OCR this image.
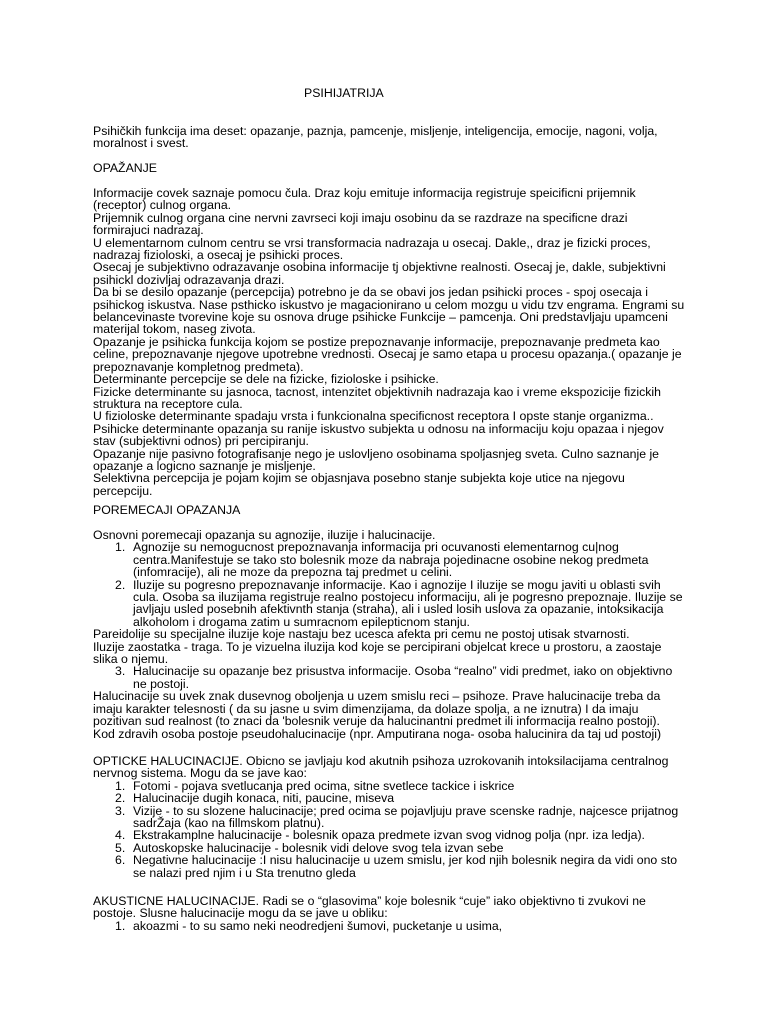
PSIHIJATRIJA

Psihičkih funkcija ima deset: opazanje, paznja, pamcenje, misljenje, inteligencija, emocije, nagoni, volja, moralnost i svest.

OPAŽANJE

Informacije covek saznaje pomocu čula. Draz koju emituje informacija registruje speicificni prijemnik (receptor) culnog organa.

Prijemnik culnog organa cine nervni zavrseci koji imaju osobinu da se razdraze na specificne drazi formirajuci nadrazaj.

U elementarnom culnom centru se vrsi transformacia nadrazaja u osecaj. Dakle,, draz je fizicki proces, nadrazaj fizioloski, a osecaj je psihicki proces.

Osecaj je subjektivno odrazavanje osobina informacije tj objektivne realnosti. Osecaj je, dakle, subjektivni psihickl dozivljaj odrazavanja drazi.

Da bi se desilo opazanje (percepcija) potrebno je da se obavi jos jedan psihicki proces - spoj osecaja i psihickog iskustva. Nase psthicko iskustvo je magacionirano u celom mozgu u vidu tzv engrama. Engrami su belancevinaste tvorevine koje su osnova druge psihicke Funkcije – pamcenja. Oni predstavljaju upamceni materijal tokom, naseg zivota.

Opazanje je psihicka funkcija kojom se postize prepoznavanje informacije, prepoznavanje predmeta kao celine, prepoznavanje njegove upotrebne vrednosti. Osecaj je samo etapa u procesu opazanja.( opazanje je prepoznavanje kompletnog predmeta).

Determinante percepcije se dele na fizicke, fizioloske i psihicke.

Fizicke determinante su jasnoca, tacnost, intenzitet objektivnih nadrazaja kao i vreme ekspozicije fizickih struktura na receptore cula.

U fizioloske determinante spadaju vrsta i funkcionalna specificnost receptora I opste stanje organizma..

Psihicke determinante opazanja su ranije iskustvo subjekta u odnosu na informaciju koju opazaa i njegov stav (subjektivni odnos) pri percipiranju.

Opazanje nije pasivno fotografisanje nego je uslovljeno osobinama spoljasnjeg sveta. Culno saznanje je opazanje a logicno saznanje je misljenje.

Selektivna percepcija je pojam kojim se objasnjava posebno stanje subjekta koje utice na njegovu percepciju.

POREMECAJI OPAZANJA

Osnovni poremecaji opazanja su agnozije, iluzije i halucinacije.

1. Agnozije su nemogucnost prepoznavanja informacija pri ocuvanosti elementarnog cu|nog centra.Manifestuje se tako sto bolesnik moze da nabraja pojedinacne osobine nekog predmeta (infomracije), ali ne moze da prepozna taj predmet u celini.
2. Iluzije su pogresno prepoznavanje informacije. Kao i agnozije I iluzije se mogu javiti u oblasti svih cula. Osoba sa iluzijama registruje realno postojecu informaciju, ali je pogresno prepoznaje. Iluzije se javljaju usled posebnih afektivnth stanja (straha), ali i usled losih uslova za opazanie, intoksikacija alkoholom i drogama zatim u sumracnom epilepticnom stanju.

Pareidolije su specijalne iluzije koje nastaju bez ucesca afekta pri cemu ne postoj utisak stvarnosti.

Iluzije zaostatka - traga. To je vizuelna iluzija kod koje se percipirani objelcat krece u prostoru, a zaostaje slika o njemu.

3. Halucinacije su opazanje bez prisustva informacije. Osoba “realno” vidi predmet, iako on objektivno ne postoji.

Halucinacije su uvek znak dusevnog oboljenja u uzem smislu reci – psihoze. Prave halucinacije treba da imaju karakter telesnosti ( da su jasne u svim dimenzijama, da dolaze spolja, a ne iznutra) I da imaju pozitivan sud realnost (to znaci da 'bolesnik veruje da halucinantni predmet ili informacija realno postoji). Kod zdravih osoba postoje pseudohalucinacije (npr. Amputirana noga- osoba halucinira da taj ud postoji)

OPTICKE HALUCINACIJE. Obicno se javljaju kod akutnih psihoza uzrokovanih intoksilacijama centralnog nervnog sistema. Mogu da se jave kao:

1. Fotomi - pojava svetlucanja pred ocima, sitne svetlece tackice i iskrice
2. Halucinacije dugih konaca, niti, paucine, miseva
3. Vizije - to su slozene halucinacije; pred ocima se pojavljuju prave scenske radnje, najcesce prijatnog sadrŽaja (kao na fillmskom platnu).
4. Ekstrakamplne halucinacije - bolesnik opaza predmete izvan svog vidnog polja (npr. iza ledja).
5. Autoskopske halucinacije - bolesnik vidi delove svog tela izvan sebe
6. Negativne halucinacije :I nisu halucinacije u uzem smislu, jer kod njih bolesnik negira da vidi ono sto se nalazi pred njim i u Sta trenutno gleda

AKUSTICNE HALUCINACIJE. Radi se o “glasovima” koje bolesnik “cuje” iako objektivno ti zvukovi ne postoje. Slusne halucinacije mogu da se jave u obliku:

1. akoazmi - to su samo neki neodredjeni šumovi, pucketanje u usima,
